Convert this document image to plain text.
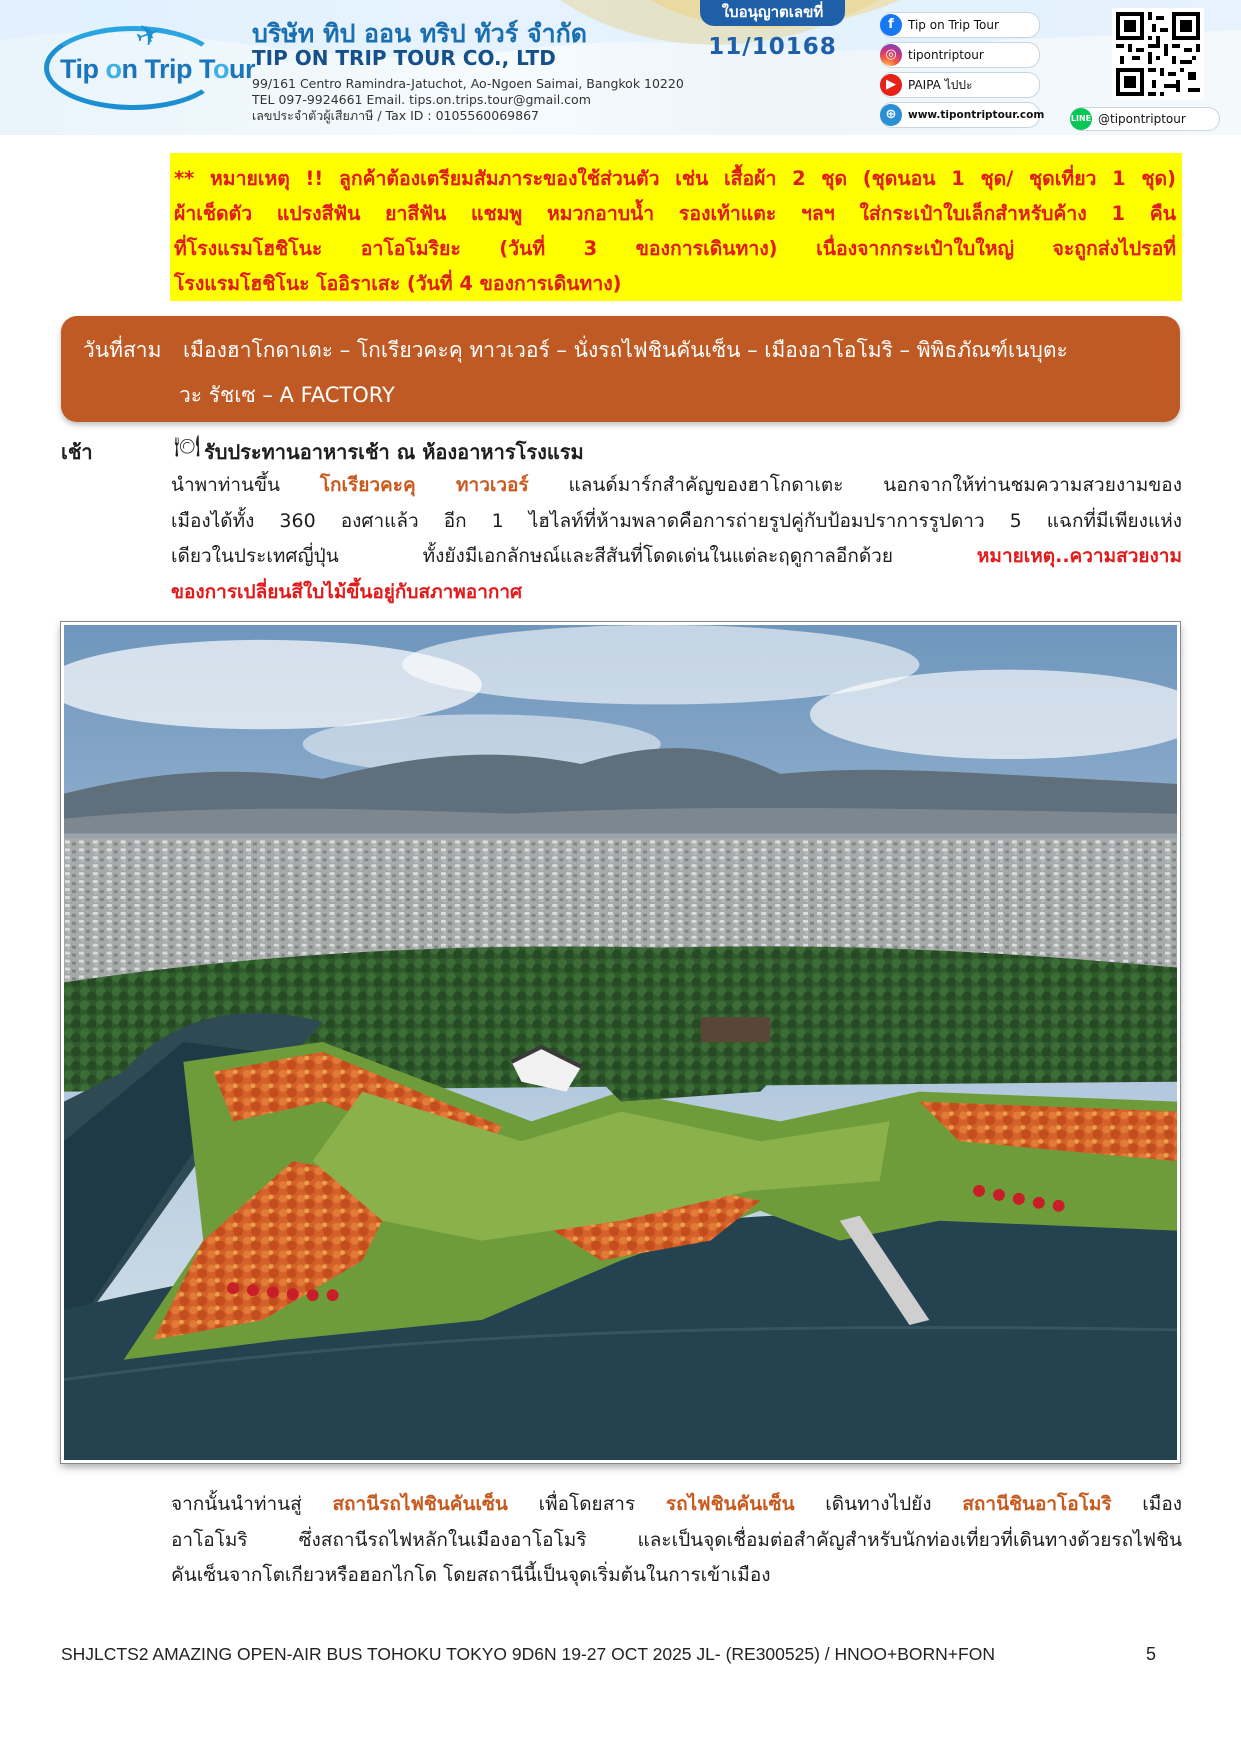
✈
Tip on Trip Tour
บริษัท ทิป ออน ทริป ทัวร์ จำกัด
TIP ON TRIP TOUR CO., LTD
99/161 Centro Ramindra-Jatuchot, Ao-Ngoen Saimai, Bangkok 10220
TEL 097-9924661 Email. tips.on.trips.tour@gmail.com
เลขประจำตัวผู้เสียภาษี / Tax ID : 0105560069867
ใบอนุญาตเลขที่
11/10168
f	Tip on Trip Tour
◎ tipontriptour
▶	PAIPA ไปปะ
⊕	www.tipontriptour.com	LINE @tipontriptour

** หมายเหตุ !! ลูกค้าต้องเตรียมสัมภาระของใช้ส่วนตัว เช่น เสื้อผ้า 2 ชุด (ชุดนอน 1 ชุด/ ชุดเที่ยว 1 ชุด)

ผ้าเช็ดตัว แปรงสีฟัน ยาสีฟัน แชมพู หมวกอาบน้ำ รองเท้าแตะ ฯลฯ ใส่กระเป๋าใบเล็กสำหรับค้าง 1 คืน

ที่โรงแรมโฮชิโนะ อาโอโมริยะ (วันที่ 3 ของการเดินทาง) เนื่องจากกระเป๋าใบใหญ่ จะถูกส่งไปรอที่

โรงแรมโฮชิโนะ โออิราเสะ (วันที่ 4 ของการเดินทาง)

วันที่สาม เมืองฮาโกดาเตะ – โกเรียวคะคุ ทาวเวอร์ – นั่งรถไฟชินคันเซ็น – เมืองอาโอโมริ – พิพิธภัณฑ์เนบุตะ
วะ รัชเซ – A FACTORY
เช้า	🍽 รับประทานอาหารเช้า ณ ห้องอาหารโรงแรม
นำพาท่านขึ้น โกเรียวคะคุ ทาวเวอร์ แลนด์มาร์กสำคัญของฮาโกดาเตะ นอกจากให้ท่านชมความสวยงามของ
เมืองได้ทั้ง 360 องศาแล้ว อีก 1 ไฮไลท์ที่ห้ามพลาดคือการถ่ายรูปคู่กับป้อมปราการรูปดาว 5 แฉกที่มีเพียงแห่ง
เดียวในประเทศญี่ปุ่น ทั้งยังมีเอกลักษณ์และสีสันที่โดดเด่นในแต่ละฤดูกาลอีกด้วย หมายเหตุ..ความสวยงาม
ของการเปลี่ยนสีใบไม้ขึ้นอยู่กับสภาพอากาศ
จากนั้นนำท่านสู่ สถานีรถไฟชินคันเซ็น เพื่อโดยสาร รถไฟชินคันเซ็น เดินทางไปยัง สถานีชินอาโอโมริ เมือง
อาโอโมริ ซึ่งสถานีรถไฟหลักในเมืองอาโอโมริ และเป็นจุดเชื่อมต่อสำคัญสำหรับนักท่องเที่ยวที่เดินทางด้วยรถไฟชิน
คันเซ็นจากโตเกียวหรือฮอกไกโด โดยสถานีนี้เป็นจุดเริ่มต้นในการเข้าเมือง
SHJLCTS2 AMAZING OPEN-AIR BUS TOHOKU TOKYO 9D6N 19-27 OCT 2025 JL- (RE300525) / HNOO+BORN+FON	5
